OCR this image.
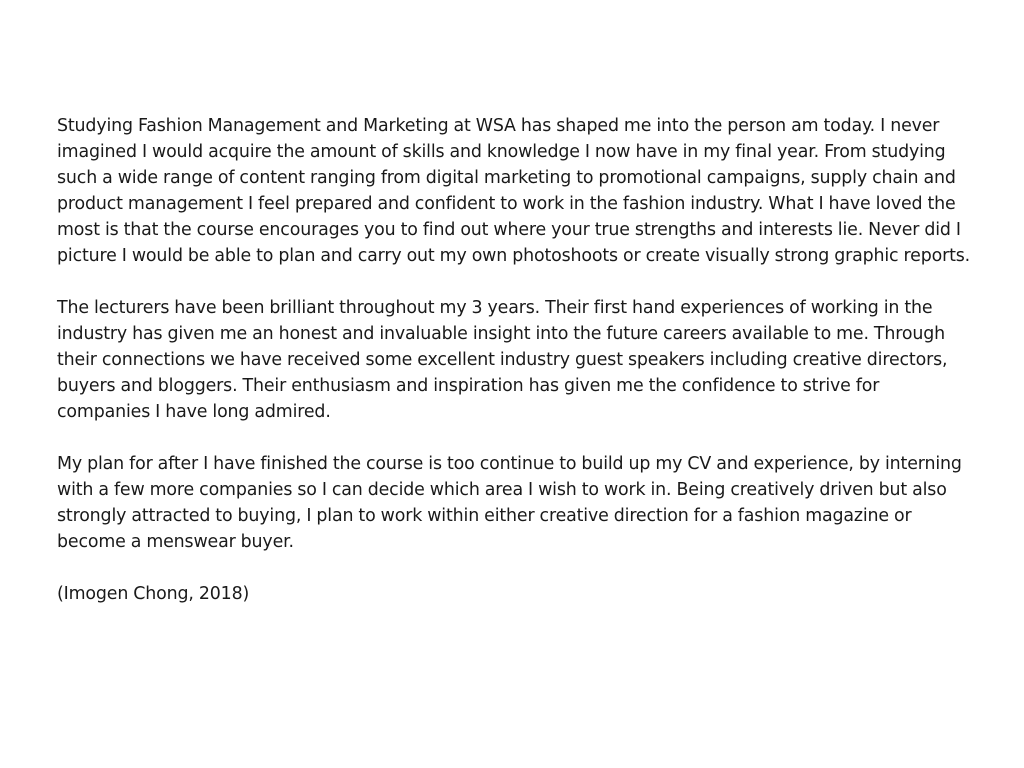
Studying Fashion Management and Marketing at WSA has shaped me into the person am today. I never imagined I would acquire the amount of skills and knowledge I now have in my final year. From studying such a wide range of content ranging from digital marketing to promotional campaigns, supply chain and product management I feel prepared and confident to work in the fashion industry. What I have loved the most is that the course encourages you to find out where your true strengths and interests lie. Never did I picture I would be able to plan and carry out my own photoshoots or create visually strong graphic reports.

The lecturers have been brilliant throughout my 3 years. Their first hand experiences of working in the industry has given me an honest and invaluable insight into the future careers available to me. Through their connections we have received some excellent industry guest speakers including creative directors, buyers and bloggers. Their enthusiasm and inspiration has given me the confidence to strive for companies I have long admired.

My plan for after I have finished the course is too continue to build up my CV and experience, by interning with a few more companies so I can decide which area I wish to work in. Being creatively driven but also strongly attracted to buying, I plan to work within either creative direction for a fashion magazine or become a menswear buyer.

(Imogen Chong, 2018)
